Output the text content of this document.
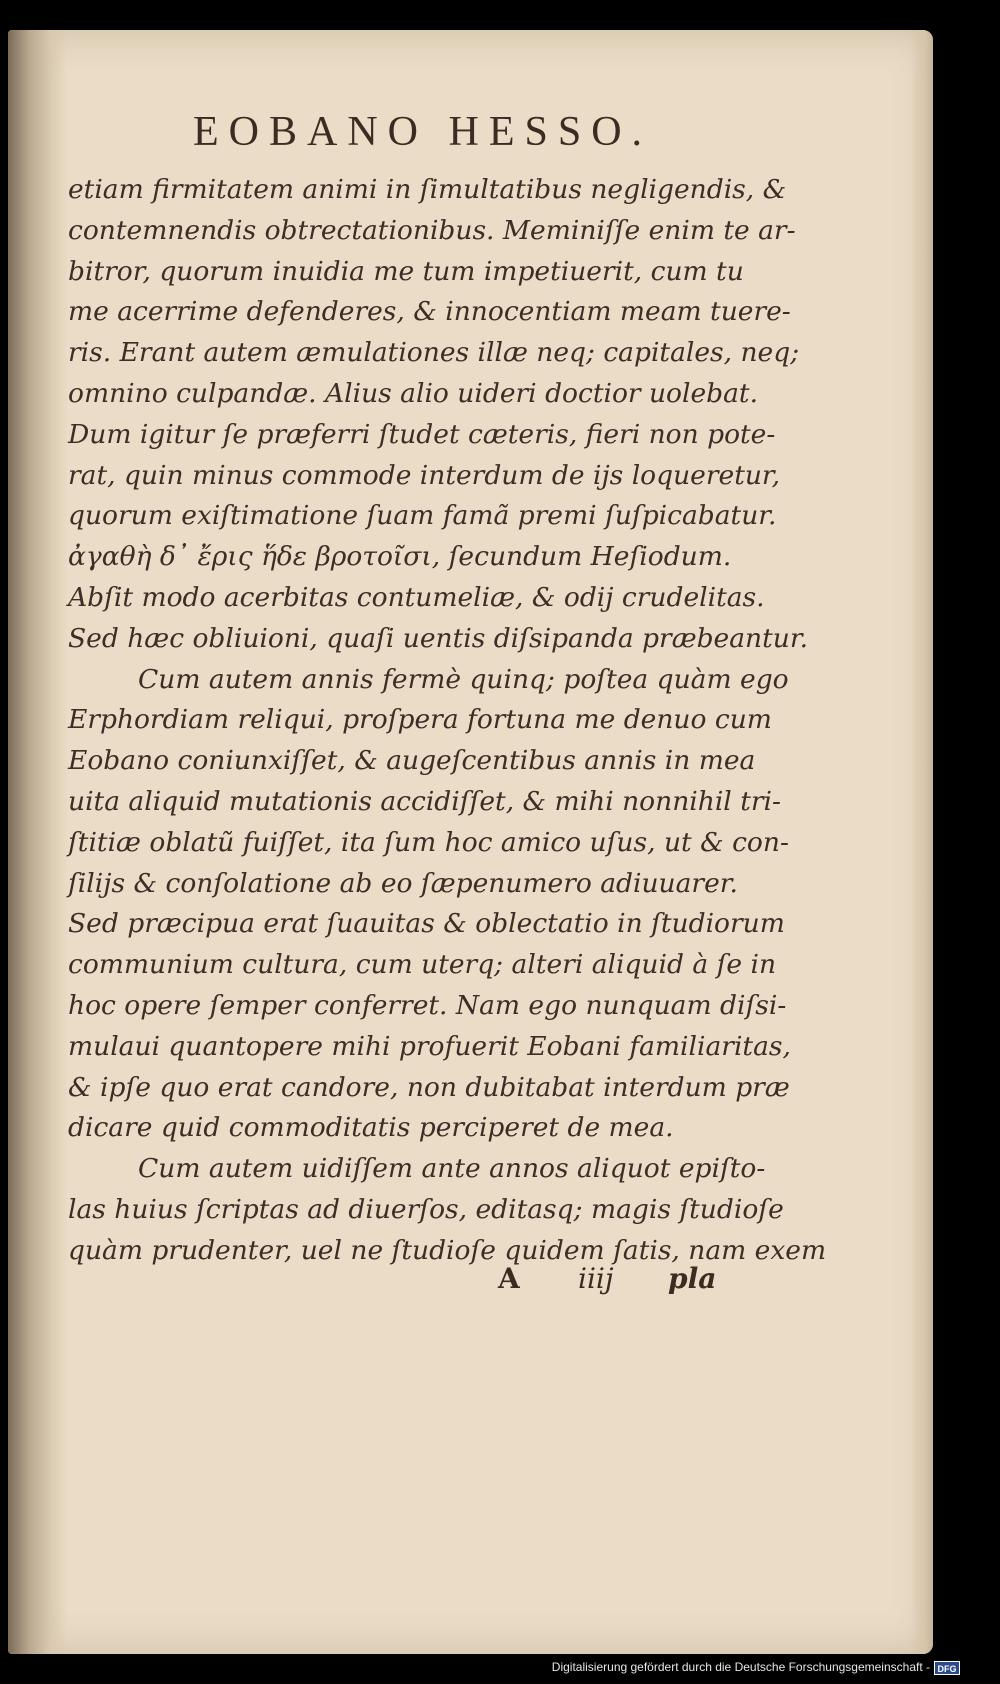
EOBANO HESSO.
etiam firmitatem animi in ſimultatibus negligendis, &
contemnendis obtrectationibus. Meminiſſe enim te ar-
bitror, quorum inuidia me tum impetiuerit, cum tu
me acerrime defenderes, & innocentiam meam tuere-
ris. Erant autem æmulationes illæ neq; capitales, neq;
omnino culpandæ. Alius alio uideri doctior uolebat.
Dum igitur ſe præferri ſtudet cæteris, fieri non pote-
rat, quin minus commode interdum de ijs loqueretur,
quorum exiſtimatione ſuam famã premi ſuſpicabatur.
ἀγαθὴ δ᾽ ἔρις ἥδε βροτοῖσι, ſecundum Heſiodum.
Abſit modo acerbitas contumeliæ, & odij crudelitas.
Sed hæc obliuioni, quaſi uentis diſsipanda præbeantur.
Cum autem annis fermè quinq; poſtea quàm ego
Erphordiam reliqui, proſpera fortuna me denuo cum
Eobano coniunxiſſet, & augeſcentibus annis in mea
uita aliquid mutationis accidiſſet, & mihi nonnihil tri-
ſtitiæ oblatũ fuiſſet, ita ſum hoc amico uſus, ut & con-
ſilijs & conſolatione ab eo ſæpenumero adiuuarer.
Sed præcipua erat ſuauitas & oblectatio in ſtudiorum
communium cultura, cum uterq; alteri aliquid à ſe in
hoc opere ſemper conferret. Nam ego nunquam diſsi-
mulaui quantopere mihi profuerit Eobani familiaritas,
& ipſe quo erat candore, non dubitabat interdum præ
dicare quid commoditatis perciperet de mea.
Cum autem uidiſſem ante annos aliquot epiſto-
las huius ſcriptas ad diuerſos, editasq; magis ſtudioſe
quàm prudenter, uel ne ſtudioſe quidem ſatis, nam exem
A iiij pla
Digitalisierung gefördert durch die Deutsche Forschungsgemeinschaft - DFG
